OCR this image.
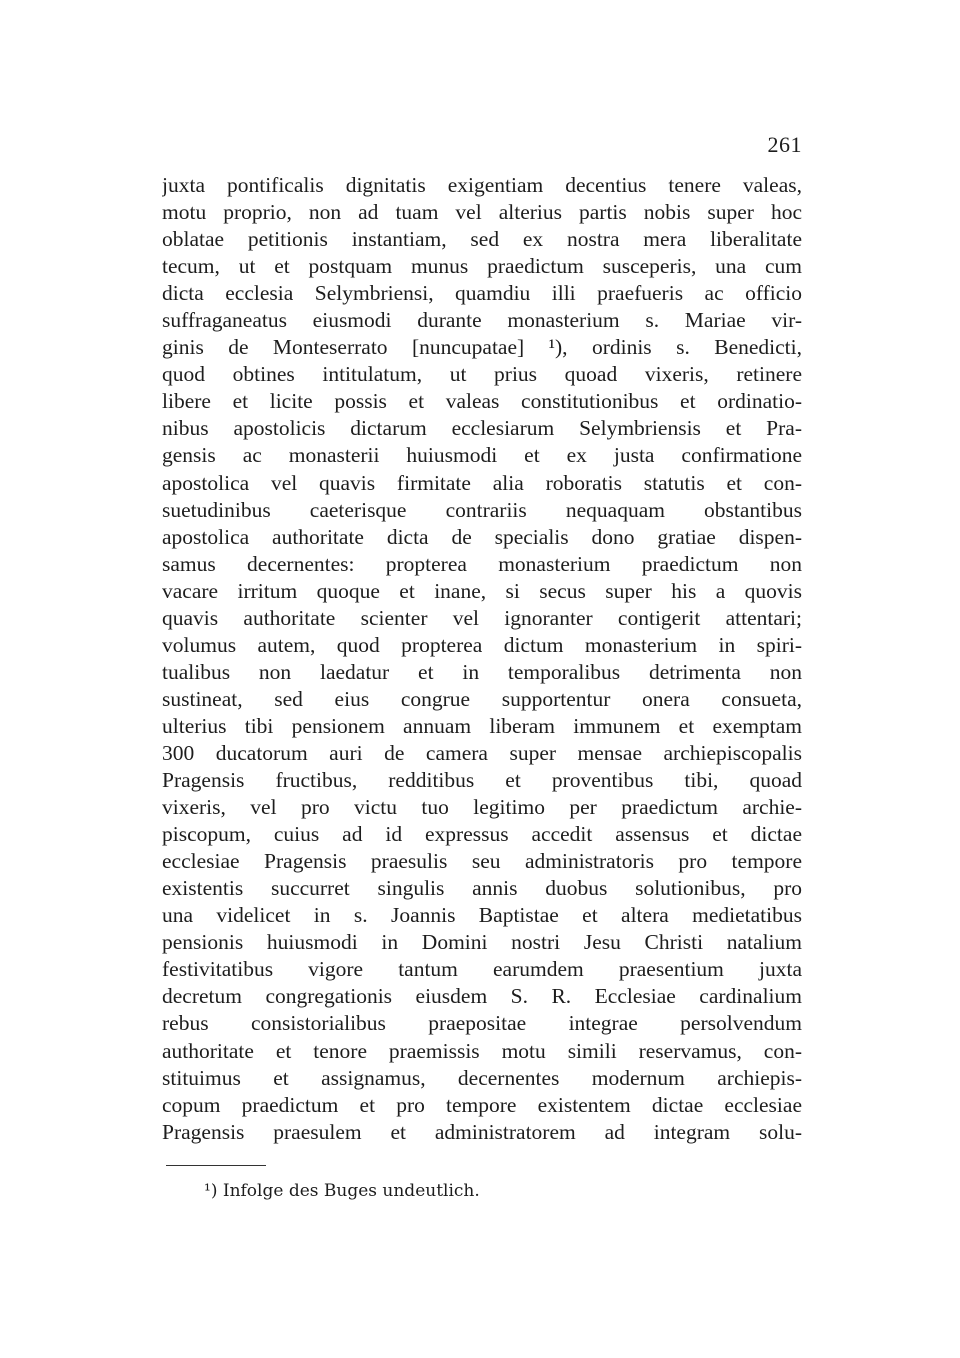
261
juxta pontificalis dignitatis exigentiam decentius tenere valeas,
motu proprio, non ad tuam vel alterius partis nobis super hoc
oblatae petitionis instantiam, sed ex nostra mera liberalitate
tecum, ut et postquam munus praedictum susceperis, una cum
dicta ecclesia Selymbriensi, quamdiu illi praefueris ac officio
suffraganeatus eiusmodi durante monasterium s. Mariae vir-
ginis de Monteserrato [nuncupatae] ¹), ordinis s. Benedicti,
quod obtines intitulatum, ut prius quoad vixeris, retinere
libere et licite possis et valeas constitutionibus et ordinatio-
nibus apostolicis dictarum ecclesiarum Selymbriensis et Pra-
gensis ac monasterii huiusmodi et ex justa confirmatione
apostolica vel quavis firmitate alia roboratis statutis et con-
suetudinibus caeterisque contrariis nequaquam obstantibus
apostolica authoritate dicta de specialis dono gratiae dispen-
samus decernentes: propterea monasterium praedictum non
vacare irritum quoque et inane, si secus super his a quovis
quavis authoritate scienter vel ignoranter contigerit attentari;
volumus autem, quod propterea dictum monasterium in spiri-
tualibus non laedatur et in temporalibus detrimenta non
sustineat, sed eius congrue supportentur onera consueta,
ulterius tibi pensionem annuam liberam immunem et exemptam
300 ducatorum auri de camera super mensae archiepiscopalis
Pragensis fructibus, redditibus et proventibus tibi, quoad
vixeris, vel pro victu tuo legitimo per praedictum archie-
piscopum, cuius ad id expressus accedit assensus et dictae
ecclesiae Pragensis praesulis seu administratoris pro tempore
existentis succurret singulis annis duobus solutionibus, pro
una videlicet in s. Joannis Baptistae et altera medietatibus
pensionis huiusmodi in Domini nostri Jesu Christi natalium
festivitatibus vigore tantum earumdem praesentium juxta
decretum congregationis eiusdem S. R. Ecclesiae cardinalium
rebus consistorialibus praepositae integrae persolvendum
authoritate et tenore praemissis motu simili reservamus, con-
stituimus et assignamus, decernentes modernum archiepis-
copum praedictum et pro tempore existentem dictae ecclesiae
Pragensis praesulem et administratorem ad integram solu-
¹) Infolge des Buges undeutlich.
